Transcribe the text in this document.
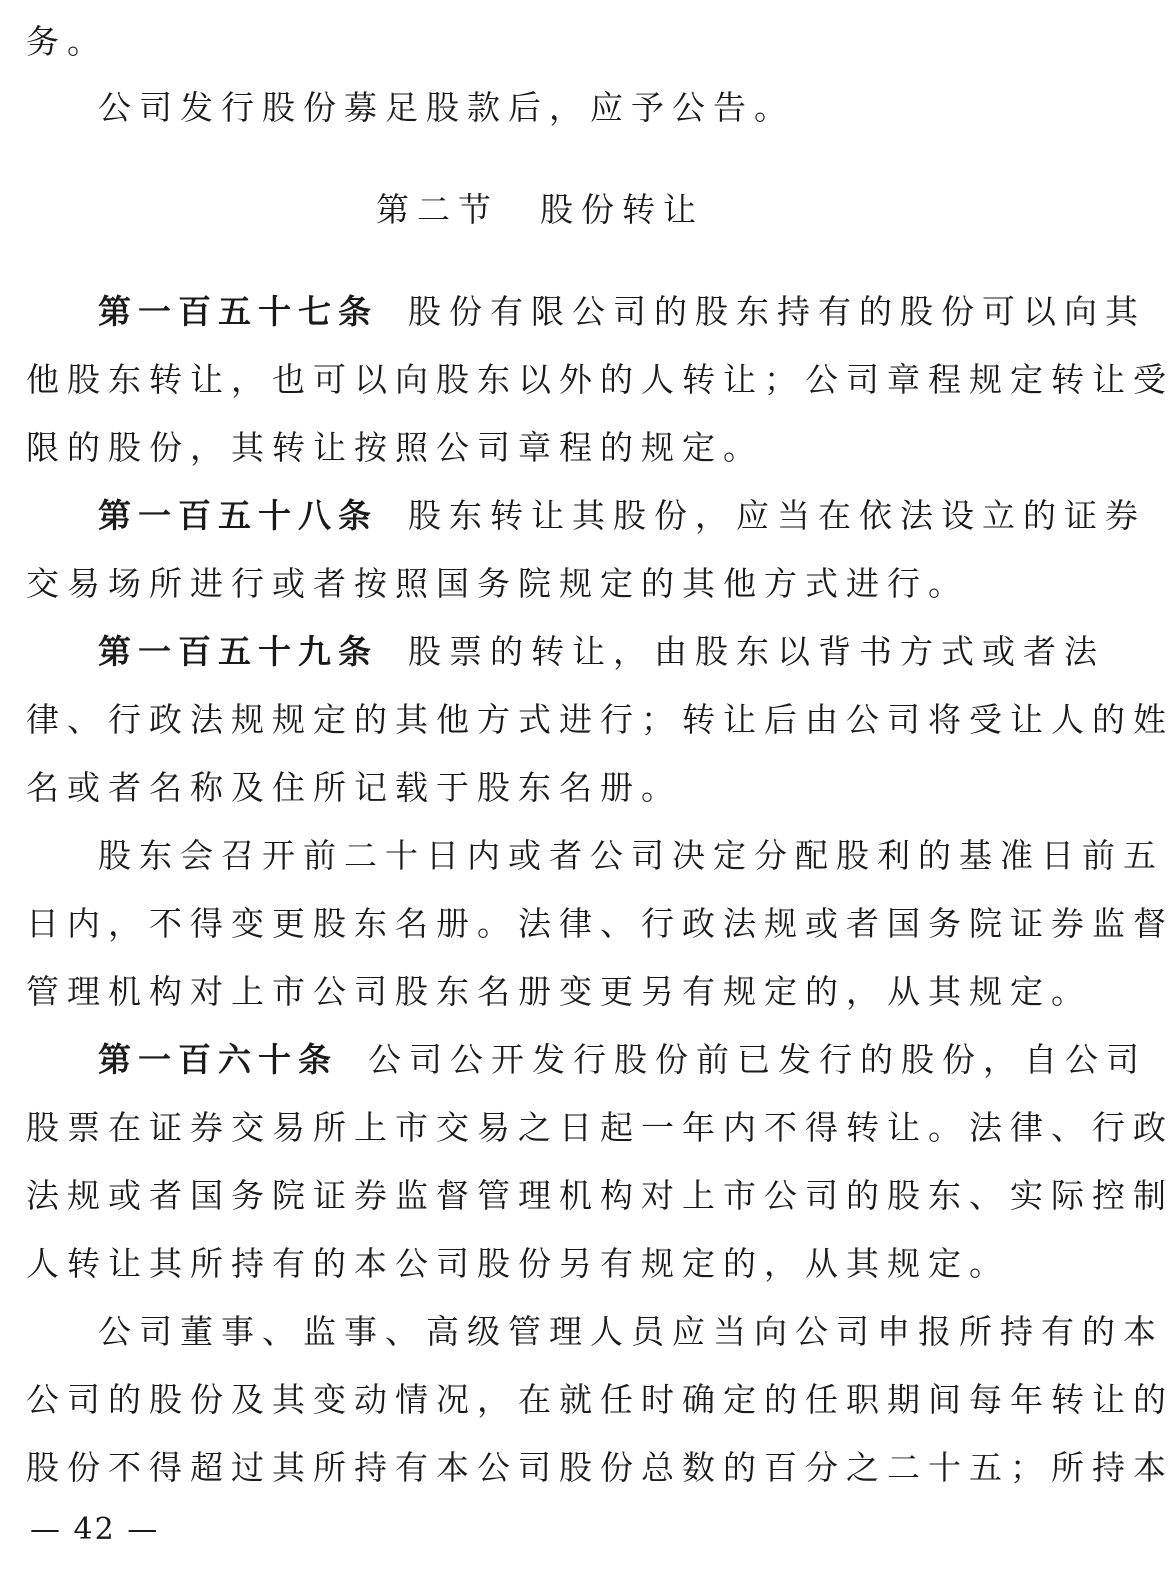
务。
公司发行股份募足股款后，应予公告。
第二节　股份转让
第一百五十七条 股份有限公司的股东持有的股份可以向其
他股东转让，也可以向股东以外的人转让；公司章程规定转让受
限的股份，其转让按照公司章程的规定。
第一百五十八条 股东转让其股份，应当在依法设立的证券
交易场所进行或者按照国务院规定的其他方式进行。
第一百五十九条 股票的转让，由股东以背书方式或者法
律、行政法规规定的其他方式进行；转让后由公司将受让人的姓
名或者名称及住所记载于股东名册。
股东会召开前二十日内或者公司决定分配股利的基准日前五
日内，不得变更股东名册。法律、行政法规或者国务院证券监督
管理机构对上市公司股东名册变更另有规定的，从其规定。
第一百六十条 公司公开发行股份前已发行的股份，自公司
股票在证券交易所上市交易之日起一年内不得转让。法律、行政
法规或者国务院证券监督管理机构对上市公司的股东、实际控制
人转让其所持有的本公司股份另有规定的，从其规定。
公司董事、监事、高级管理人员应当向公司申报所持有的本
公司的股份及其变动情况，在就任时确定的任职期间每年转让的
股份不得超过其所持有本公司股份总数的百分之二十五；所持本
— 42 —
